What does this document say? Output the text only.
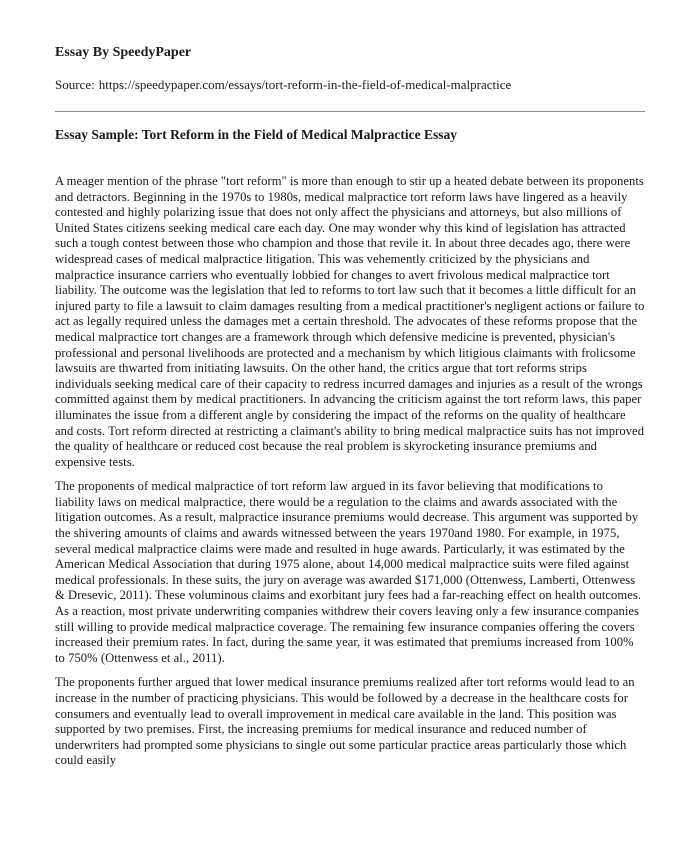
Essay By SpeedyPaper
Source: https://speedypaper.com/essays/tort-reform-in-the-field-of-medical-malpractice
Essay Sample: Tort Reform in the Field of Medical Malpractice Essay

A meager mention of the phrase "tort reform" is more than enough to stir up a heated debate between its proponents and detractors. Beginning in the 1970s to 1980s, medical malpractice tort reform laws have lingered as a heavily contested and highly polarizing issue that does not only affect the physicians and attorneys, but also millions of United States citizens seeking medical care each day. One may wonder why this kind of legislation has attracted such a tough contest between those who champion and those that revile it. In about three decades ago, there were widespread cases of medical malpractice litigation. This was vehemently criticized by the physicians and malpractice insurance carriers who eventually lobbied for changes to avert frivolous medical malpractice tort liability. The outcome was the legislation that led to reforms to tort law such that it becomes a little difficult for an injured party to file a lawsuit to claim damages resulting from a medical practitioner's negligent actions or failure to act as legally required unless the damages met a certain threshold. The advocates of these reforms propose that the medical malpractice tort changes are a framework through which defensive medicine is prevented, physician's professional and personal livelihoods are protected and a mechanism by which litigious claimants with frolicsome lawsuits are thwarted from initiating lawsuits. On the other hand, the critics argue that tort reforms strips individuals seeking medical care of their capacity to redress incurred damages and injuries as a result of the wrongs committed against them by medical practitioners. In advancing the criticism against the tort reform laws, this paper illuminates the issue from a different angle by considering the impact of the reforms on the quality of healthcare and costs. Tort reform directed at restricting a claimant's ability to bring medical malpractice suits has not improved the quality of healthcare or reduced cost because the real problem is skyrocketing insurance premiums and expensive tests.

The proponents of medical malpractice of tort reform law argued in its favor believing that modifications to liability laws on medical malpractice, there would be a regulation to the claims and awards associated with the litigation outcomes. As a result, malpractice insurance premiums would decrease. This argument was supported by the shivering amounts of claims and awards witnessed between the years 1970and 1980. For example, in 1975, several medical malpractice claims were made and resulted in huge awards. Particularly, it was estimated by the American Medical Association that during 1975 alone, about 14,000 medical malpractice suits were filed against medical professionals. In these suits, the jury on average was awarded $171,000 (Ottenwess, Lamberti, Ottenwess & Dresevic, 2011). These voluminous claims and exorbitant jury fees had a far-reaching effect on health outcomes. As a reaction, most private underwriting companies withdrew their covers leaving only a few insurance companies still willing to provide medical malpractice coverage. The remaining few insurance companies offering the covers increased their premium rates. In fact, during the same year, it was estimated that premiums increased from 100% to 750% (Ottenwess et al., 2011).

The proponents further argued that lower medical insurance premiums realized after tort reforms would lead to an increase in the number of practicing physicians. This would be followed by a decrease in the healthcare costs for consumers and eventually lead to overall improvement in medical care available in the land. This position was supported by two premises. First, the increasing premiums for medical insurance and reduced number of underwriters had prompted some physicians to single out some particular practice areas particularly those which could easily
